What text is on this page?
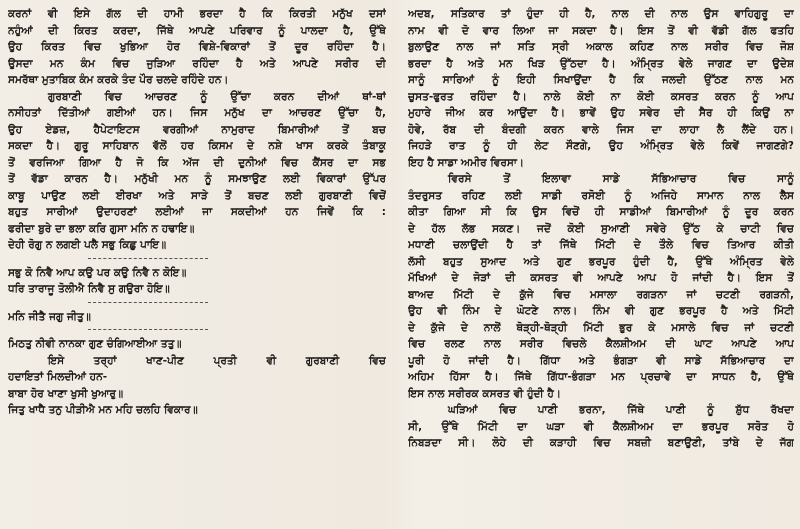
ਕਰਨਾਂ ਵੀ ਇਸੇ ਗੱਲ ਦੀ ਹਾਮੀ ਭਰਦਾ ਹੈ ਕਿ ਕਿਰਤੀ ਮਨੁੱਖ ਦਸਾਂ
ਨਹੁੰਆਂ ਦੀ ਕਿਰਤ ਕਰਦਾ, ਜਿੱਥੇ ਆਪਣੇ ਪਰਿਵਾਰ ਨੂੰ ਪਾਲਦਾ ਹੈ, ਉੱਥੇ
ਉਹ ਕਿਰਤ ਵਿਚ ਖੁਭਿਆ ਹੋਰ ਵਿਸ਼ੇ-ਵਿਕਾਰਾਂ ਤੋਂ ਦੂਰ ਰਹਿੰਦਾ ਹੈ।
ਉਸਦਾ ਮਨ ਕੰਮ ਵਿਚ ਜੁੜਿਆ ਰਹਿੰਦਾ ਹੈ ਅਤੇ ਆਪਣੇ ਸਰੀਰ ਦੀ
ਸਮਰੱਥਾ ਮੁਤਾਬਿਕ ਕੰਮ ਕਰਕੇ ਤੰਦ ਪੌਰ ਚਲਦੇ ਰਹਿੰਦੇ ਹਨ।
ਗੁਰਬਾਣੀ ਵਿਚ ਆਚਰਣ ਨੂੰ ਉੱਚਾ ਕਰਨ ਦੀਆਂ ਥਾਂ-ਥਾਂ
ਨਸੀਹਤਾਂ ਦਿੱਤੀਆਂ ਗਈਆਂ ਹਨ। ਜਿਸ ਮਨੁੱਖ ਦਾ ਆਚਰਣ ਉੱਚਾ ਹੈ,
ਉਹ ਏਡਜ਼, ਹੈਪੇਟਾਇਟਸ ਵਰਗੀਆਂ ਨਾਮੁਰਾਦ ਬਿਮਾਰੀਆਂ ਤੋਂ ਬਚ
ਸਕਦਾ ਹੈ। ਗੁਰੂ ਸਾਹਿਬਾਨ ਵੱਲੋਂ ਹਰ ਕਿਸਮ ਦੇ ਨਸ਼ੇ ਖਾਸ ਕਰਕੇ ਤੰਬਾਕੂ
ਤੋਂ ਵਰਜਿਆ ਗਿਆ ਹੈ ਜੋ ਕਿ ਅੱਜ ਦੀ ਦੁਨੀਆਂ ਵਿਚ ਕੈਂਸਰ ਦਾ ਸਭ
ਤੋਂ ਵੱਡਾ ਕਾਰਨ ਹੈ। ਮਨੁੱਖੀ ਮਨ ਨੂੰ ਸਮਝਾਉਣ ਲਈ ਵਿਕਾਰਾਂ ਉੱਪਰ
ਕਾਬੂ ਪਾਉਣ ਲਈ ਈਰਖਾ ਅਤੇ ਸਾੜੇ ਤੋਂ ਬਚਣ ਲਈ ਗੁਰਬਾਣੀ ਵਿਚੋਂ
ਬਹੁਤ ਸਾਰੀਆਂ ਉਦਾਹਰਣਾਂ ਲਈਆਂ ਜਾ ਸਕਦੀਆਂ ਹਨ ਜਿਵੇਂ ਕਿ :
ਫਰੀਦਾ ਬੁਰੇ ਦਾ ਭਲਾ ਕਰਿ ਗੁਸਾ ਮਨਿ ਨ ਹਢਾਇ॥
ਦੇਹੀ ਰੋਗੁ ਨ ਲਗਈ ਪਲੈ ਸਭੁ ਕਿਛੁ ਪਾਇ॥
ਸਭੁ ਕੋ ਨਿਵੈ ਆਪ ਕਉ ਪਰ ਕਉ ਨਿਵੈ ਨ ਕੋਇ॥
ਧਰਿ ਤਾਰਾਜੂ ਤੋਲੀਐ ਨਿਵੈ ਸੁ ਗਉਰਾ ਹੋਇ॥
ਮਨਿ ਜੀਤੈ ਜਗੁ ਜੀਤੁ॥
ਮਿਠਤੁ ਨੀਵੀ ਨਾਨਕਾ ਗੁਣ ਚੰਗਿਆਈਆ ਤਤੁ॥
ਇਸੇ ਤਰ੍ਹਾਂ ਖਾਣ-ਪੀਣ ਪ੍ਰਤੀ ਵੀ ਗੁਰਬਾਣੀ ਵਿਚ
ਹਦਾਇਤਾਂ ਮਿਲਦੀਆਂ ਹਨ-
ਬਾਬਾ ਹੋਰ ਖਾਣਾ ਖੁਸੀ ਖੁਆਰੁ॥
ਜਿਤੁ ਖਾਧੈ ਤਨੁ ਪੀੜੀਐ ਮਨ ਮਹਿ ਚਲਹਿ ਵਿਕਾਰ॥
ਅਦਬ, ਸਤਿਕਾਰ ਤਾਂ ਹੁੰਦਾ ਹੀ ਹੈ, ਨਾਲ ਦੀ ਨਾਲ ਉਸ ਵਾਹਿਗੁਰੂ ਦਾ
ਨਾਮ ਵੀ ਦੋ ਵਾਰ ਲਿਆ ਜਾ ਸਕਦਾ ਹੈ। ਇਸ ਤੋਂ ਵੀ ਵੱਡੀ ਗੱਲ ਫਤਹਿ
ਬੁਲਾਉਣ ਨਾਲ ਜਾਂ ਸਤਿ ਸ੍ਰੀ ਅਕਾਲ ਕਹਿਣ ਨਾਲ ਸਰੀਰ ਵਿਚ ਜੋਸ਼
ਭਰਦਾ ਹੈ ਅਤੇ ਮਨ ਖਿੜ ਉੱਠਦਾ ਹੈ। ਅੰਮ੍ਰਿਤ ਵੇਲੇ ਜਾਗਣ ਦਾ ਉਦੇਸ਼
ਸਾਨੂੰ ਸਾਰਿਆਂ ਨੂੰ ਇਹੀ ਸਿਖਾਉਂਦਾ ਹੈ ਕਿ ਜਲਦੀ ਉੱਠਣ ਨਾਲ ਮਨ
ਚੁਸਤ-ਫੁਰਤ ਰਹਿੰਦਾ ਹੈ। ਨਾਲੇ ਕੋਈ ਨਾ ਕੋਈ ਕਸਰਤ ਕਰਨ ਨੂੰ ਆਪ
ਮੁਹਾਰੇ ਜੀਅ ਕਰ ਆਉਂਦਾ ਹੈ। ਭਾਵੇਂ ਉਹ ਸਵੇਰ ਦੀ ਸੈਰ ਹੀ ਕਿਉਂ ਨਾ
ਹੋਵੇ, ਰੱਬ ਦੀ ਬੰਦਗੀ ਕਰਨ ਵਾਲੇ ਜਿਸ ਦਾ ਲਾਹਾ ਲੈ ਲੈਂਦੇ ਹਨ।
ਜਿਹੜੇ ਰਾਤ ਨੂੰ ਹੀ ਲੇਟ ਸੌਣਗੇ, ਉਹ ਅੰਮ੍ਰਿਤ ਵੇਲੇ ਕਿਵੇਂ ਜਾਗਣਗੇ?
ਇਹ ਹੈ ਸਾਡਾ ਅਮੀਰ ਵਿਰਸਾ।
ਵਿਰਸੇ ਤੋਂ ਇਲਾਵਾ ਸਾਡੇ ਸੱਭਿਆਚਾਰ ਵਿਚ ਸਾਨੂੰ
ਤੰਦਰੁਸਤ ਰਹਿਣ ਲਈ ਸਾਡੀ ਰਸੋਈ ਨੂੰ ਅਜਿਹੇ ਸਾਮਾਨ ਨਾਲ ਲੈਸ
ਕੀਤਾ ਗਿਆ ਸੀ ਕਿ ਉਸ ਵਿਚੋਂ ਹੀ ਸਾਡੀਆਂ ਬਿਮਾਰੀਆਂ ਨੂੰ ਦੂਰ ਕਰਨ
ਦੇ ਹੱਲ ਲੱਭ ਸਕਣ। ਜਦੋਂ ਕੋਈ ਸੁਆਣੀ ਸਵੇਰੇ ਉੱਠ ਕੇ ਚਾਟੀ ਵਿਚ
ਮਧਾਣੀ ਚਲਾਉਂਦੀ ਹੈ ਤਾਂ ਜਿੱਥੇ ਮਿੱਟੀ ਦੇ ਤੌਲੇ ਵਿਚ ਤਿਆਰ ਕੀਤੀ
ਲੱਸੀ ਬਹੁਤ ਸੁਆਦ ਅਤੇ ਗੁਣ ਭਰਪੂਰ ਹੁੰਦੀ ਹੈ, ਉੱਥੇ ਅੰਮ੍ਰਿਤ ਵੇਲੇ
ਮੱਖਿਆਂ ਦੇ ਜੋੜਾਂ ਦੀ ਕਸਰਤ ਵੀ ਆਪਣੇ ਆਪ ਹੋ ਜਾਂਦੀ ਹੈ। ਇਸ ਤੋਂ
ਬਾਅਦ ਮਿੱਟੀ ਦੇ ਕੁੱਜੇ ਵਿਚ ਮਸਾਲਾ ਰਗੜਨਾ ਜਾਂ ਚਟਣੀ ਰਗੜਨੀ,
ਉਹ ਵੀ ਨਿੰਮ ਦੇ ਘੋਟਣੇ ਨਾਲ। ਨਿੰਮ ਵੀ ਗੁਣ ਭਰਪੂਰ ਹੈ ਅਤੇ ਮਿੱਟੀ
ਦੇ ਕੁੱਜੇ ਦੇ ਨਾਲੋਂ ਥੋੜ੍ਹੀ-ਥੋੜ੍ਹੀ ਮਿੱਟੀ ਭੁਰ ਕੇ ਮਸਾਲੇ ਵਿਚ ਜਾਂ ਚਟਣੀ
ਵਿਚ ਰਲਣ ਨਾਲ ਸਰੀਰ ਵਿਚਲੇ ਕੈਲਸ਼ੀਅਮ ਦੀ ਘਾਟ ਆਪਣੇ ਆਪ
ਪੂਰੀ ਹੋ ਜਾਂਦੀ ਹੈ। ਗਿੱਧਾ ਅਤੇ ਭੰਗੜਾ ਵੀ ਸਾਡੇ ਸੱਭਿਆਚਾਰ ਦਾ
ਅਹਿਮ ਹਿੱਸਾ ਹੈ। ਜਿੱਥੇ ਗਿੱਧਾ-ਭੰਗੜਾ ਮਨ ਪ੍ਰਚਾਵੇ ਦਾ ਸਾਧਨ ਹੈ, ਉੱਥੇ
ਇਸ ਨਾਲ ਸਰੀਰਕ ਕਸਰਤ ਵੀ ਹੁੰਦੀ ਹੈ।
ਘੜਿਆਂ ਵਿਚ ਪਾਣੀ ਭਰਨਾ, ਜਿੱਥੇ ਪਾਣੀ ਨੂੰ ਸ਼ੁੱਧ ਰੱਖਦਾ
ਸੀ, ਉੱਥੇ ਮਿੱਟੀ ਦਾ ਘੜਾ ਵੀ ਕੈਲਸ਼ੀਅਮ ਦਾ ਭਰਪੂਰ ਸਰੋਤ ਹੋ
ਨਿਬੜਦਾ ਸੀ। ਲੋਹੇ ਦੀ ਕੜਾਹੀ ਵਿਚ ਸਬਜ਼ੀ ਬਣਾਉਣੀ, ਤਾਂਬੇ ਦੇ ਜੱਗ
